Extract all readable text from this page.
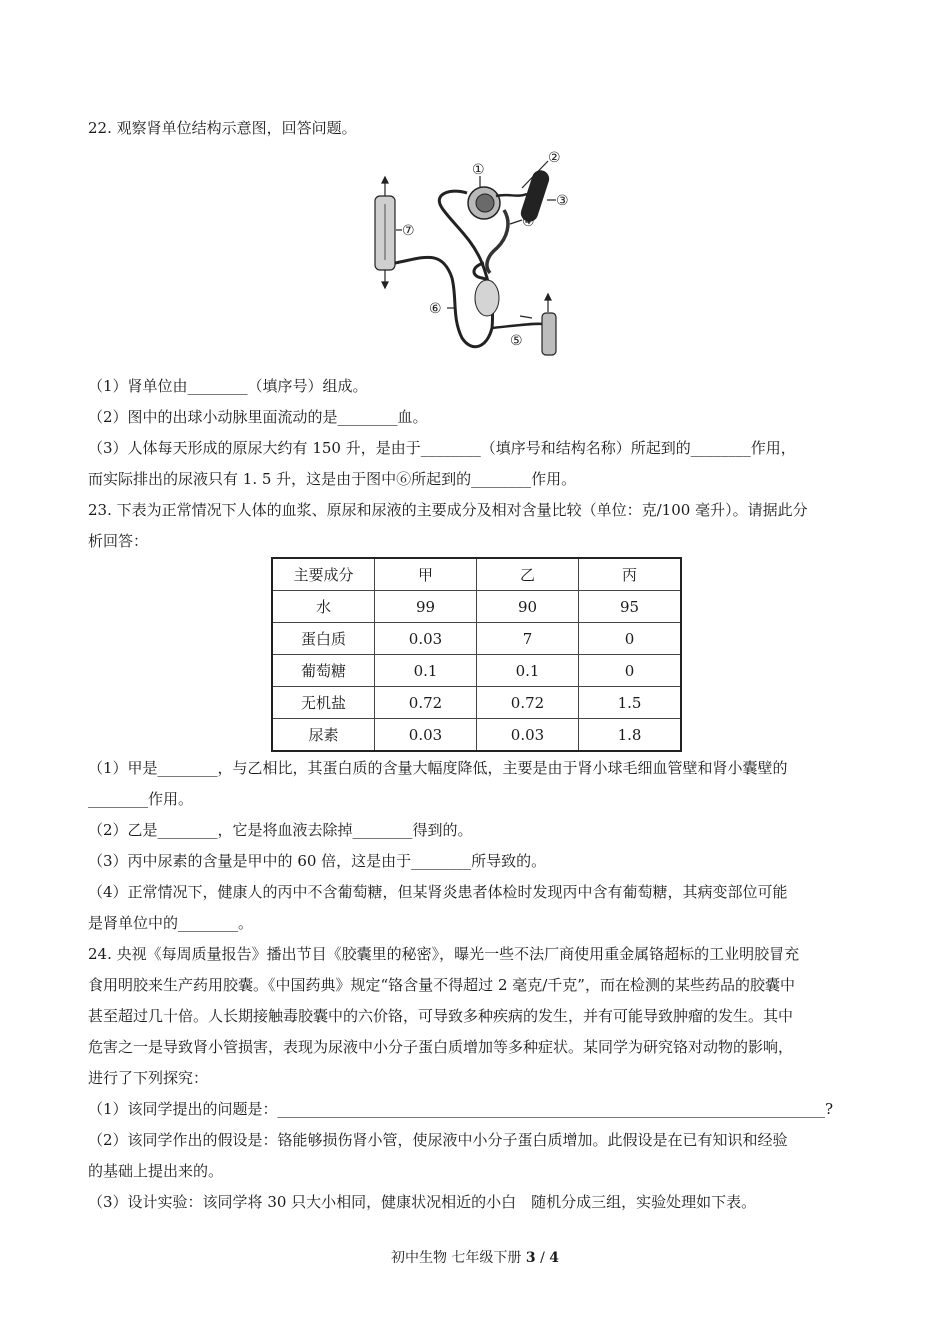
22. 观察肾单位结构示意图，回答问题。
①
②
③
④
⑤
⑥
⑦
（1）肾单位由________（填序号）组成。
（2）图中的出球小动脉里面流动的是________血。
（3）人体每天形成的原尿大约有 150 升，是由于________（填序号和结构名称）所起到的________作用，
而实际排出的尿液只有 1. 5 升，这是由于图中⑥所起到的________作用。
23. 下表为正常情况下人体的血浆、原尿和尿液的主要成分及相对含量比较（单位：克/100 毫升）。请据此分
析回答：
主要成分	甲	乙	丙
水	99	90	95
蛋白质	0.03	7	0
葡萄糖	0.1	0.1	0
无机盐	0.72	0.72	1.5
尿素	0.03	0.03	1.8
（1）甲是________，与乙相比，其蛋白质的含量大幅度降低，主要是由于肾小球毛细血管壁和肾小囊壁的
________作用。
（2）乙是________，它是将血液去除掉________得到的。
（3）丙中尿素的含量是甲中的 60 倍，这是由于________所导致的。
（4）正常情况下，健康人的丙中不含葡萄糖，但某肾炎患者体检时发现丙中含有葡萄糖，其病变部位可能
是肾单位中的________。
24. 央视《每周质量报告》播出节目《胶囊里的秘密》，曝光一些不法厂商使用重金属铬超标的工业明胶冒充
食用明胶来生产药用胶囊。《中国药典》规定“铬含量不得超过 2 毫克/千克”，而在检测的某些药品的胶囊中
甚至超过几十倍。人长期接触毒胶囊中的六价铬，可导致多种疾病的发生，并有可能导致肿瘤的发生。其中
危害之一是导致肾小管损害，表现为尿液中小分子蛋白质增加等多种症状。某同学为研究铬对动物的影响，
进行了下列探究：
（1）该同学提出的问题是：_________________________________________________________________________?
（2）该同学作出的假设是：铬能够损伤肾小管，使尿液中小分子蛋白质增加。此假设是在已有知识和经验
的基础上提出来的。
（3）设计实验：该同学将 30 只大小相同，健康状况相近的小白　随机分成三组，实验处理如下表。
初中生物 七年级下册 3 / 4
